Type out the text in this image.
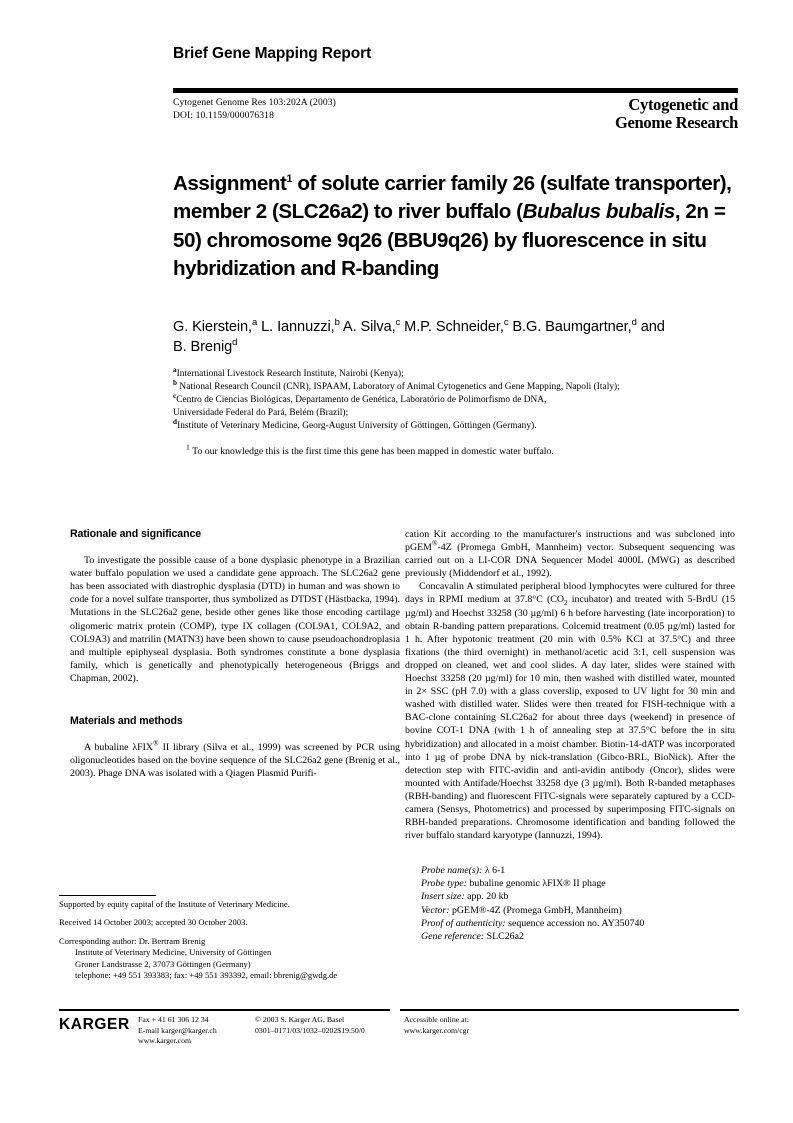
Brief Gene Mapping Report
Cytogenet Genome Res 103:202A (2003)
DOI: 10.1159/000076318
Cytogenetic and
Genome Research
Assignment$^1$ of solute carrier family 26 (sulfate transporter), member 2 (SLC26a2) to river buffalo (Bubalus bubalis, 2n = 50) chromosome 9q26 (BBU9q26) by fluorescence in situ hybridization and R-banding
G. Kierstein,$^a$ L. Iannuzzi,$^b$ A. Silva,$^c$ M.P. Schneider,$^c$ B.G. Baumgartner,$^d$ and
B. Brenig$^d$
$^a$International Livestock Research Institute, Nairobi (Kenya);
$^b$ National Research Council (CNR), ISPAAM, Laboratory of Animal Cytogenetics and Gene Mapping, Napoli (Italy);
$^c$Centro de Ciencias Biológicas, Departamento de Genética, Laboratório de Polimorfismo de DNA,
Universidade Federal do Pará, Belém (Brazil);
$^d$Institute of Veterinary Medicine, Georg-August University of Göttingen, Göttingen (Germany).
$^1$ To our knowledge this is the first time this gene has been mapped in domestic water buffalo.
Rationale and significance

To investigate the possible cause of a bone dysplasic phenotype in a Brazilian water buffalo population we used a candidate gene approach. The SLC26a2 gene has been associated with diastrophic dysplasia (DTD) in human and was shown to code for a novel sulfate transporter, thus symbolized as DTDST (Hästbacka, 1994). Mutations in the SLC26a2 gene, beside other genes like those encoding cartilage oligomeric matrix protein (COMP), type IX collagen (COL9A1, COL9A2, and COL9A3) and matrilin (MATN3) have been shown to cause pseudoachondroplasia and multiple epiphyseal dysplasia. Both syndromes constitute a bone dysplasia family, which is genetically and phenotypically heterogeneous (Briggs and Chapman, 2002).

Materials and methods

A bubaline λFIX® II library (Silva et al., 1999) was screened by PCR using oligonucleotides based on the bovine sequence of the SLC26a2 gene (Brenig et al., 2003). Phage DNA was isolated with a Qiagen Plasmid Purifi-

cation Kit according to the manufacturer's instructions and was subcloned into pGEM®-4Z (Promega GmbH, Mannheim) vector. Subsequent sequencing was carried out on a LI-COR DNA Sequencer Model 4000L (MWG) as described previously (Middendorf et al., 1992).

Concavalin A stimulated peripheral blood lymphocytes were cultured for three days in RPMI medium at 37.8°C ($CO_2$ incubator) and treated with 5-BrdU (15 µg/ml) and Hoechst 33258 (30 µg/ml) 6 h before harvesting (late incorporation) to obtain R-banding pattern preparations. Colcemid treatment (0.05 µg/ml) lasted for 1 h. After hypotonic treatment (20 min with 0.5% KCl at 37.5°C) and three fixations (the third overnight) in methanol/acetic acid 3:1, cell suspension was dropped on cleaned, wet and cool slides. A day later, slides were stained with Hoechst 33258 (20 µg/ml) for 10 min, then washed with distilled water, mounted in 2× SSC (pH 7.0) with a glass coverslip, exposed to UV light for 30 min and washed with distilled water. Slides were then treated for FISH-technique with a BAC-clone containing SLC26a2 for about three days (weekend) in presence of bovine COT-1 DNA (with 1 h of annealing step at 37.5°C before the in situ hybridization) and allocated in a moist chamber. Biotin-14-dATP was incorporated into 1 µg of probe DNA by nick-translation (Gibco-BRL, BioNick). After the detection step with FITC-avidin and anti-avidin antibody (Oncor), slides were mounted with Antifade/Hoechst 33258 dye (3 µg/ml). Both R-banded metaphases (RBH-banding) and fluorescent FITC-signals were separately captured by a CCD-camera (Sensys, Photometrics) and processed by superimposing FITC-signals on RBH-banded preparations. Chromosome identification and banding followed the river buffalo standard karyotype (Iannuzzi, 1994).

Probe name(s): λ 6-1
Probe type: bubaline genomic λFIX® II phage
Insert size: app. 20 kb
Vector: pGEM®-4Z (Promega GmbH, Mannheim)
Proof of authenticity: sequence accession no. AY350740
Gene reference: SLC26a2
Supported by equity capital of the Institute of Veterinary Medicine.
Received 14 October 2003; accepted 30 October 2003.
Corresponding author: Dr. Bertram Brenig
Institute of Veterinary Medicine, University of Göttingen
Groner Landstrasse 2, 37073 Göttingen (Germany)
telephone: +49 551 393383; fax: +49 551 393392, email: bbrenig@gwdg.de
KARGER Fax + 41 61 306 12 34
E-mail karger@karger.ch
www.karger.com
© 2003 S. Karger AG, Basel
0301–0171/03/1032–0202$19.50/0
Accessible online at:
www.karger.com/cgr
